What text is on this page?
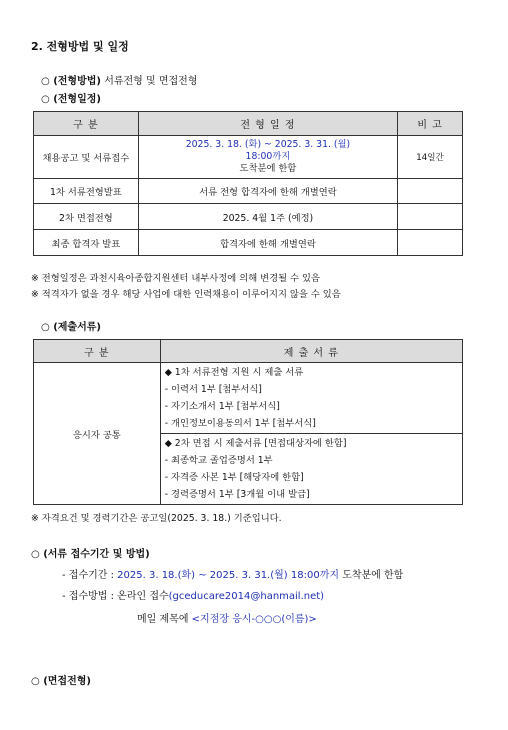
2. 전형방법 및 일정
○ (전형방법) 서류전형 및 면접전형
○ (전형일정)
구 분	전 형 일 정	비 고
채용공고 및 서류접수	2025. 3. 18. (화) ~ 2025. 3. 31. (월)
18:00까지
도착분에 한함	14일간
1차 서류전형발표	서류 전형 합격자에 한해 개별연락	
2차 면접전형	2025. 4월 1주 (예정)	
최종 합격자 발표	합격자에 한해 개별연락	
※ 전형일정은 과천시육아종합지원센터 내부사정에 의해 변경될 수 있음
※ 적격자가 없을 경우 해당 사업에 대한 인력채용이 이루어지지 않을 수 있음
○ (제출서류)
구 분	제 출 서 류
응시자 공통	◆ 1차 서류전형 지원 시 제출 서류
- 이력서 1부 [첨부서식]
- 자기소개서 1부 [첨부서식]
- 개인정보이용동의서 1부 [첨부서식]

	◆ 2차 면접 시 제출서류 [면접대상자에 한함]
- 최종학교 졸업증명서 1부
- 자격증 사본 1부 [해당자에 한함]
- 경력증명서 1부 [3개월 이내 발급]
※ 자격요건 및 경력기간은 공고일(2025. 3. 18.) 기준입니다.
○ (서류 접수기간 및 방법)
- 접수기간 : 2025. 3. 18.(화) ~ 2025. 3. 31.(월) 18:00까지 도착분에 한함
- 접수방법 : 온라인 접수(gceducare2014@hanmail.net)
메일 제목에 <지점장 응시-○○○(이름)>
○ (면접전형)
